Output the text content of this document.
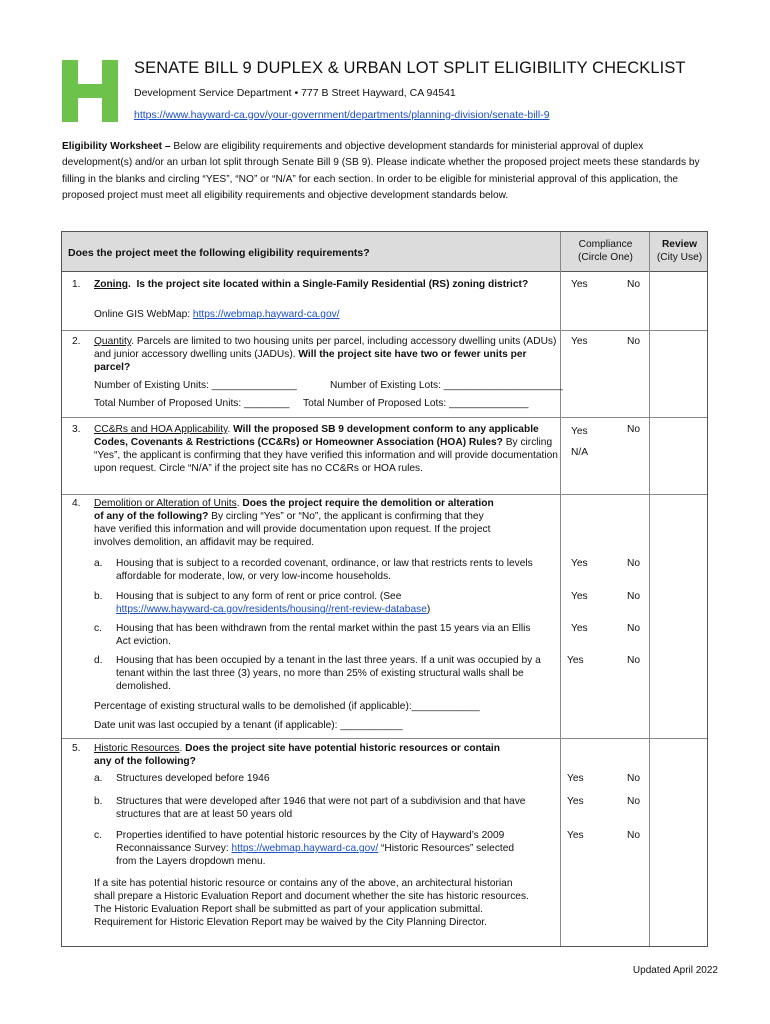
SENATE BILL 9 DUPLEX & URBAN LOT SPLIT ELIGIBILITY CHECKLIST
Development Service Department • 777 B Street Hayward, CA 94541
https://www.hayward-ca.gov/your-government/departments/planning-division/senate-bill-9
Eligibility Worksheet – Below are eligibility requirements and objective development standards for ministerial approval of duplex development(s) and/or an urban lot split through Senate Bill 9 (SB 9). Please indicate whether the proposed project meets these standards by filling in the blanks and circling “YES”, “NO” or “N/A” for each section. In order to be eligible for ministerial approval of this application, the proposed project must meet all eligibility requirements and objective development standards below.
Does the project meet the following eligibility requirements?
Compliance
(Circle One)
Review
(City Use)
1. Zoning.  Is the project site located within a Single-Family Residential (RS) zoning district?
Online GIS WebMap: https://webmap.hayward-ca.gov/
Yes	No
2. Quantity. Parcels are limited to two housing units per parcel, including accessory dwelling units (ADUs) and junior accessory dwelling units (JADUs). Will the project site have two or fewer units per parcel?
Number of Existing Units: _______________	Number of Existing Lots: _____________________
Total Number of Proposed Units: ________ Total Number of Proposed Lots: ______________
Yes	No
3. CC&Rs and HOA Applicability. Will the proposed SB 9 development conform to any applicable Codes, Covenants & Restrictions (CC&Rs) or Homeowner Association (HOA) Rules? By circling “Yes”, the applicant is confirming that they have verified this information and will provide documentation upon request. Circle “N/A” if the project site has no CC&Rs or HOA rules.
Yes	No
N/A
4. Demolition or Alteration of Units. Does the project require the demolition or alteration of any of the following? By circling “Yes” or “No”, the applicant is confirming that they have verified this information and will provide documentation upon request. If the project involves demolition, an affidavit may be required.
a. Housing that is subject to a recorded covenant, ordinance, or law that restricts rents to levels affordable for moderate, low, or very low-income households.
Yes	No
b. Housing that is subject to any form of rent or price control. (See
https://www.hayward-ca.gov/residents/housing//rent-review-database)
Yes	No
c. Housing that has been withdrawn from the rental market within the past 15 years via an Ellis Act eviction.
Yes	No
d. Housing that has been occupied by a tenant in the last three years. If a unit was occupied by a tenant within the last three (3) years, no more than 25% of existing structural walls shall be demolished.
Yes	No
Percentage of existing structural walls to be demolished (if applicable):____________
Date unit was last occupied by a tenant (if applicable): ___________
5. Historic Resources. Does the project site have potential historic resources or contain any of the following?
a. Structures developed before 1946	Yes	No
b. Structures that were developed after 1946 that were not part of a subdivision and that have structures that are at least 50 years old
Yes	No
c. Properties identified to have potential historic resources by the City of Hayward’s 2009 Reconnaissance Survey: https://webmap.hayward-ca.gov/ “Historic Resources” selected from the Layers dropdown menu.
Yes	No
If a site has potential historic resource or contains any of the above, an architectural historian shall prepare a Historic Evaluation Report and document whether the site has historic resources. The Historic Evaluation Report shall be submitted as part of your application submittal. Requirement for Historic Elevation Report may be waived by the City Planning Director.
Updated April 2022
